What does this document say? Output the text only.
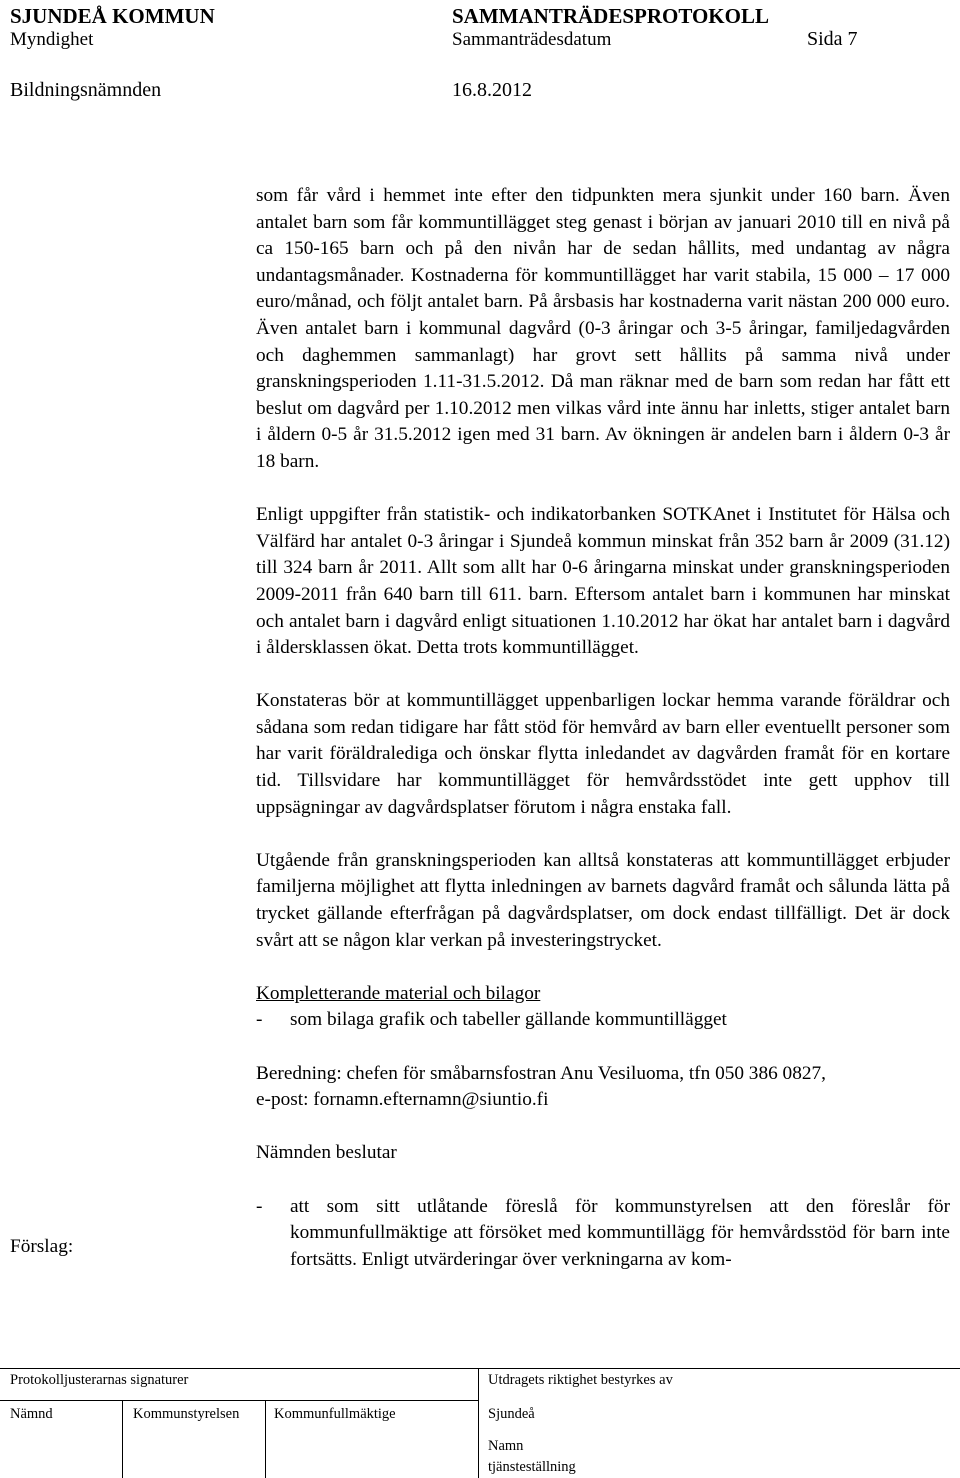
SJUNDEÅ KOMMUN	SAMMANTRÄDESPROTOKOLL
Myndighet	Sammanträdesdatum	Sida 7
Bildningsnämnden	16.8.2012

som får vård i hemmet inte efter den tidpunkten mera sjunkit under 160 barn. Även antalet barn som får kommuntillägget steg genast i början av januari 2010 till en nivå på ca 150-165 barn och på den nivån har de sedan hållits, med undantag av några undantagsmånader. Kostnaderna för kommuntillägget har varit stabila, 15 000 – 17 000 euro/månad, och följt antalet barn. På årsbasis har kostnaderna varit nästan 200 000 euro. Även antalet barn i kommunal dagvård (0-3 åringar och 3-5 åringar, familjedagvården och daghemmen sammanlagt) har grovt sett hållits på samma nivå under granskningsperioden 1.11-31.5.2012. Då man räknar med de barn som redan har fått ett beslut om dagvård per 1.10.2012 men vilkas vård inte ännu har inletts, stiger antalet barn i åldern 0-5 år 31.5.2012 igen med 31 barn. Av ökningen är andelen barn i åldern 0-3 år 18 barn.

Enligt uppgifter från statistik- och indikatorbanken SOTKAnet i Institutet för Hälsa och Välfärd har antalet 0-3 åringar i Sjundeå kommun minskat från 352 barn år 2009 (31.12) till 324 barn år 2011. Allt som allt har 0-6 åringarna minskat under granskningsperioden 2009-2011 från 640 barn till 611. barn. Eftersom antalet barn i kommunen har minskat och antalet barn i dagvård enligt situationen 1.10.2012 har ökat har antalet barn i dagvård i åldersklassen ökat. Detta trots kommuntillägget.

Konstateras bör at kommuntillägget uppenbarligen lockar hemma varande föräldrar och sådana som redan tidigare har fått stöd för hemvård av barn eller eventuellt personer som har varit föräldralediga och önskar flytta inledandet av dagvården framåt för en kortare tid. Tillsvidare har kommuntillägget för hemvårdsstödet inte gett upphov till uppsägningar av dagvårdsplatser förutom i några enstaka fall.

Utgående från granskningsperioden kan alltså konstateras att kommuntillägget erbjuder familjerna möjlighet att flytta inledningen av barnets dagvård framåt och sålunda lätta på trycket gällande efterfrågan på dagvårdsplatser, om dock endast tillfälligt. Det är dock svårt att se någon klar verkan på investeringstrycket.

Kompletterande material och bilagor

-	som bilaga grafik och tabeller gällande kommuntillägget

Beredning: chefen för småbarnsfostran Anu Vesiluoma, tfn 050 386 0827,

e-post: fornamn.efternamn@siuntio.fi

Nämnden beslutar

-	att som sitt utlåtande föreslå för kommunstyrelsen att den föreslår för kommunfullmäktige att försöket med kommuntillägg för hemvårdsstöd för barn inte fortsätts. Enligt utvärderingar över verkningarna av kom-
Förslag:
Protokolljusterarnas signaturer
Nämnd	Kommunstyrelsen Kommunfullmäktige
Utdragets riktighet bestyrkes av
Sjundeå
Namn
tjänsteställning
